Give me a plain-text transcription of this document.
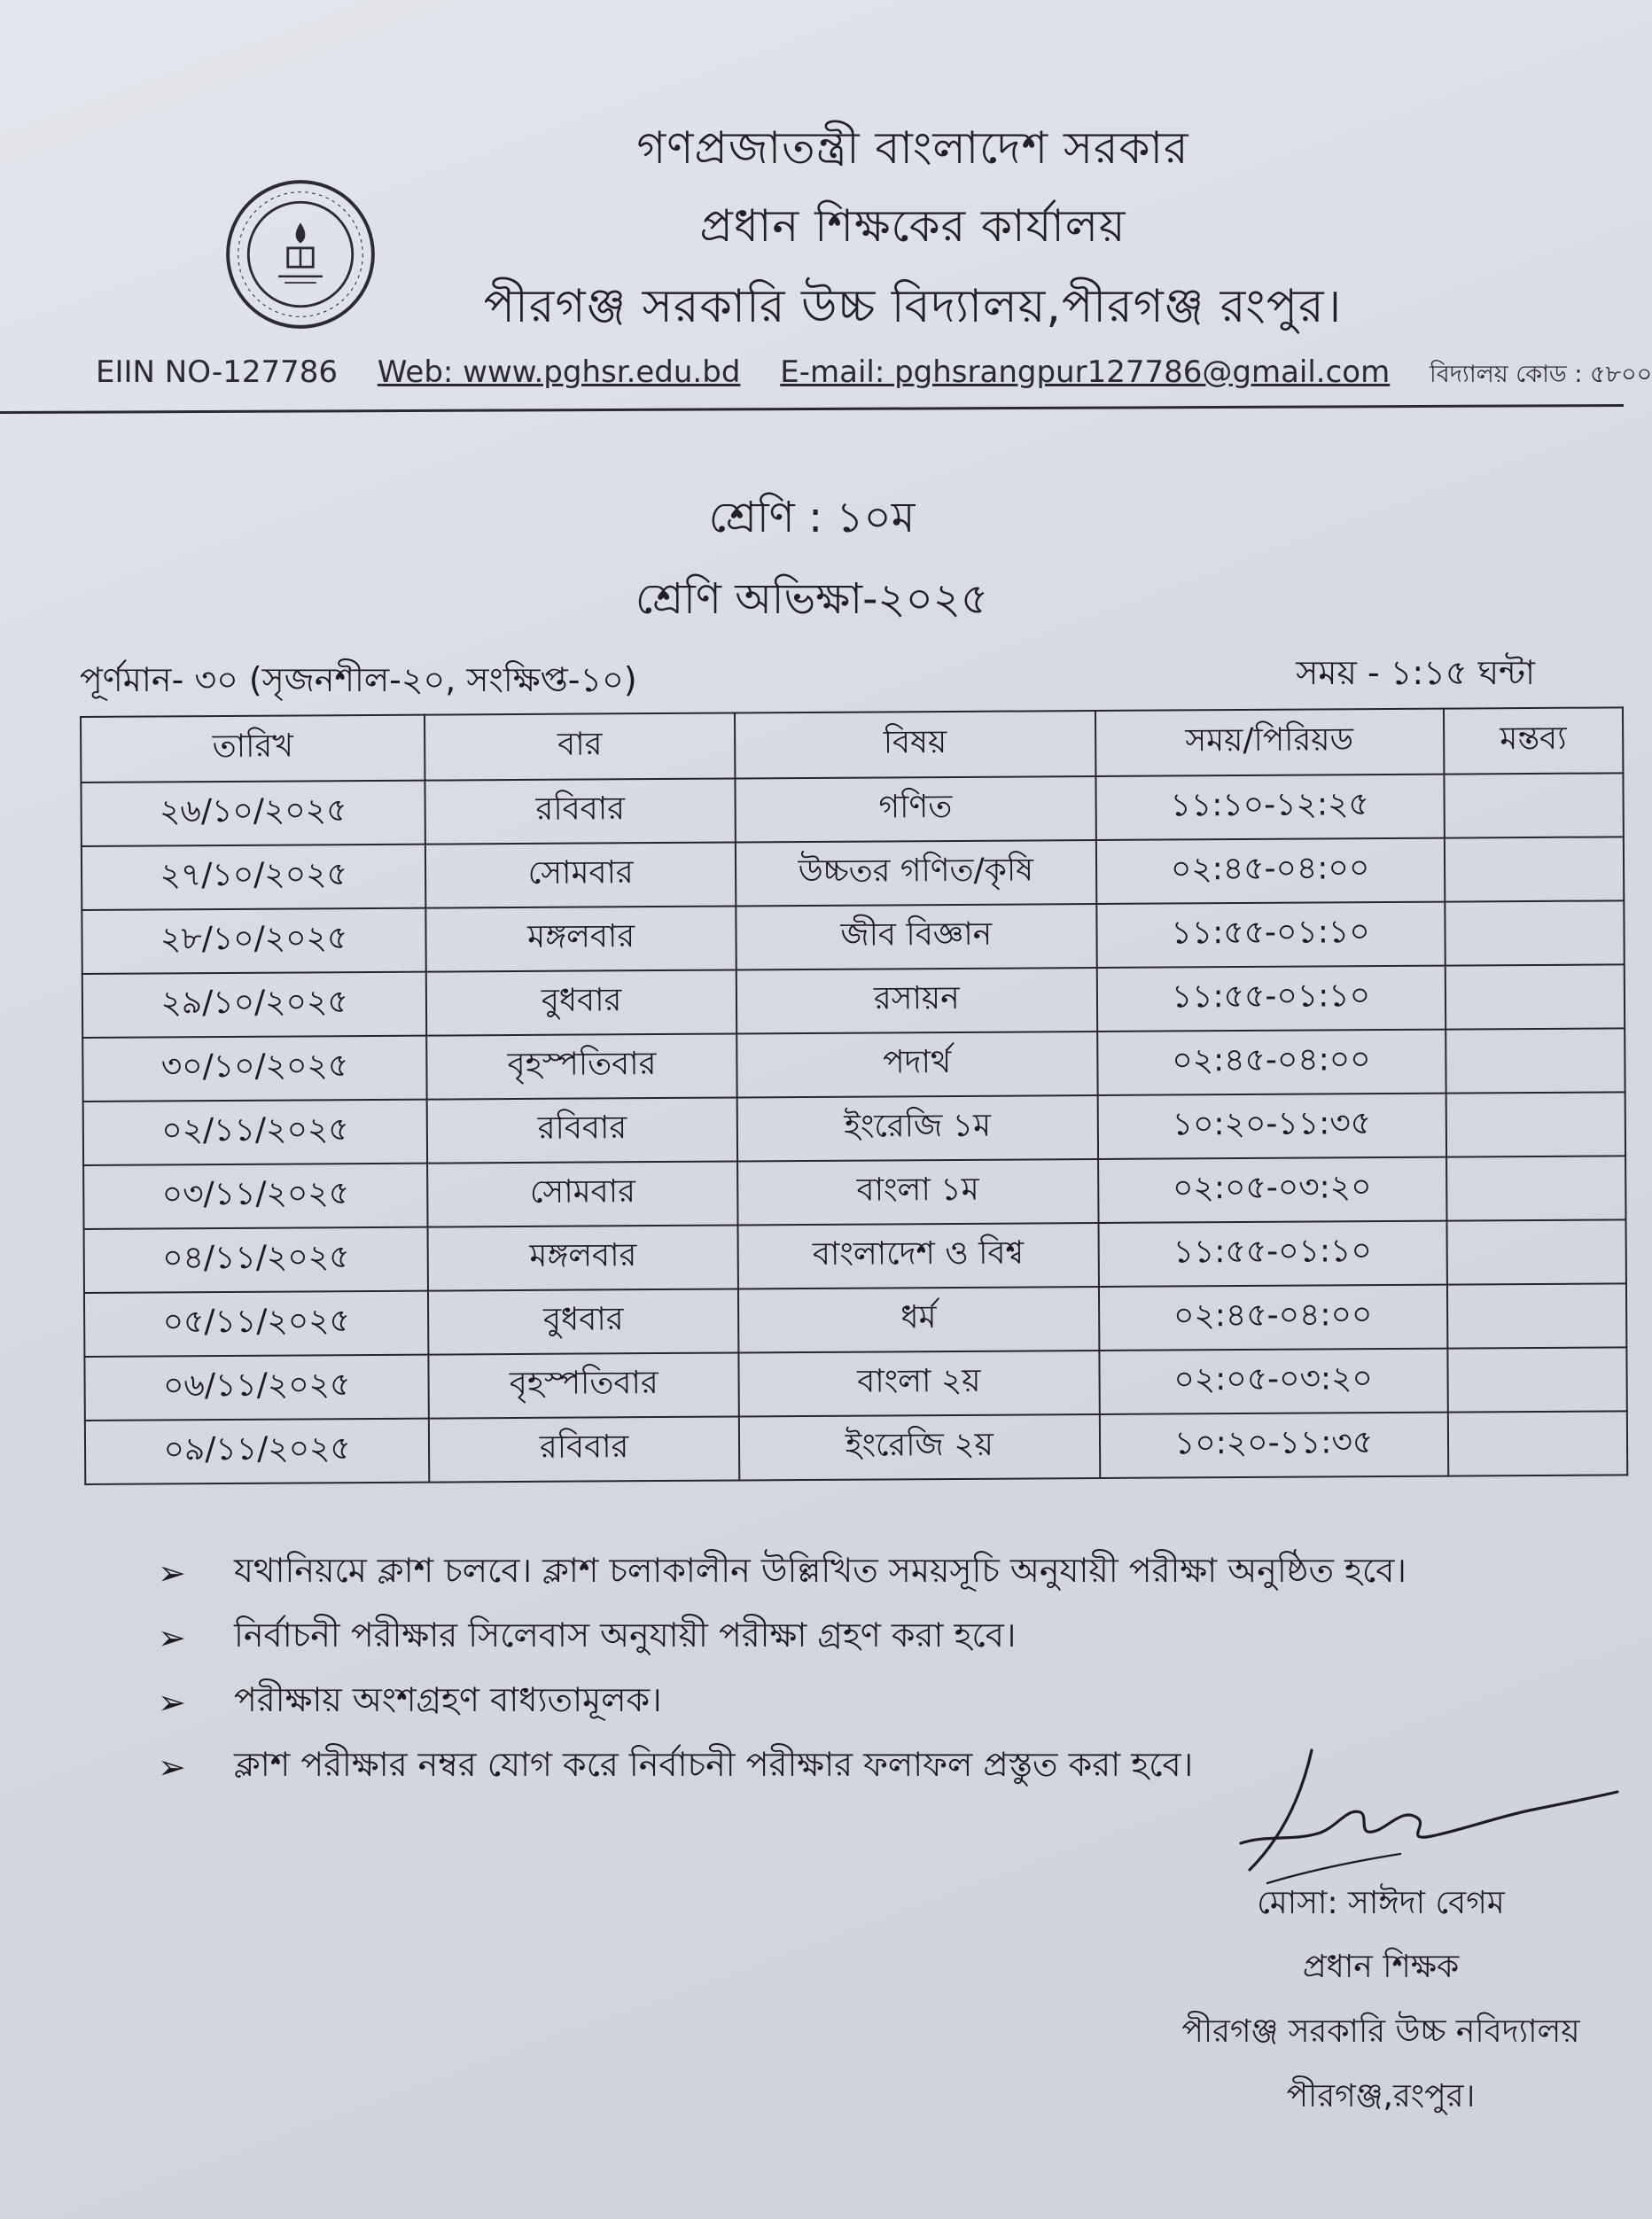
গণপ্রজাতন্ত্রী বাংলাদেশ সরকার
প্রধান শিক্ষকের কার্যালয়
পীরগঞ্জ সরকারি উচ্চ বিদ্যালয়,পীরগঞ্জ রংপুর।
EIIN NO-127786 Web: www.pghsr.edu.bd E-mail: pghsrangpur127786@gmail.com বিদ্যালয় কোড : ৫৮০০
শ্রেণি : ১০ম
শ্রেণি অভিক্ষা-২০২৫
পূর্ণমান- ৩০ (সৃজনশীল-২০, সংক্ষিপ্ত-১০)	সময় - ১:১৫ ঘন্টা
তারিখ	বার	বিষয়	সময়/পিরিয়ড	মন্তব্য
২৬/১০/২০২৫	রবিবার	গণিত	১১:১০-১২:২৫	
২৭/১০/২০২৫	সোমবার	উচ্চতর গণিত/কৃষি	০২:৪৫-০৪:০০	
২৮/১০/২০২৫	মঙ্গলবার	জীব বিজ্ঞান	১১:৫৫-০১:১০	
২৯/১০/২০২৫	বুধবার	রসায়ন	১১:৫৫-০১:১০	
৩০/১০/২০২৫	বৃহস্পতিবার	পদার্থ	০২:৪৫-০৪:০০	
০২/১১/২০২৫	রবিবার	ইংরেজি ১ম	১০:২০-১১:৩৫	
০৩/১১/২০২৫	সোমবার	বাংলা ১ম	০২:০৫-০৩:২০	
০৪/১১/২০২৫	মঙ্গলবার	বাংলাদেশ ও বিশ্ব	১১:৫৫-০১:১০	
০৫/১১/২০২৫	বুধবার	ধর্ম	০২:৪৫-০৪:০০	
০৬/১১/২০২৫	বৃহস্পতিবার	বাংলা ২য়	০২:০৫-০৩:২০	
০৯/১১/২০২৫	রবিবার	ইংরেজি ২য়	১০:২০-১১:৩৫	
➢	যথানিয়মে ক্লাশ চলবে। ক্লাশ চলাকালীন উল্লিখিত সময়সূচি অনুযায়ী পরীক্ষা অনুষ্ঠিত হবে।
➢	নির্বাচনী পরীক্ষার সিলেবাস অনুযায়ী পরীক্ষা গ্রহণ করা হবে।
➢	পরীক্ষায় অংশগ্রহণ বাধ্যতামূলক।
➢	ক্লাশ পরীক্ষার নম্বর যোগ করে নির্বাচনী পরীক্ষার ফলাফল প্রস্তুত করা হবে।
মোসা: সাঈদা বেগম
প্রধান শিক্ষক
পীরগঞ্জ সরকারি উচ্চ নবিদ্যালয়
পীরগঞ্জ,রংপুর।
